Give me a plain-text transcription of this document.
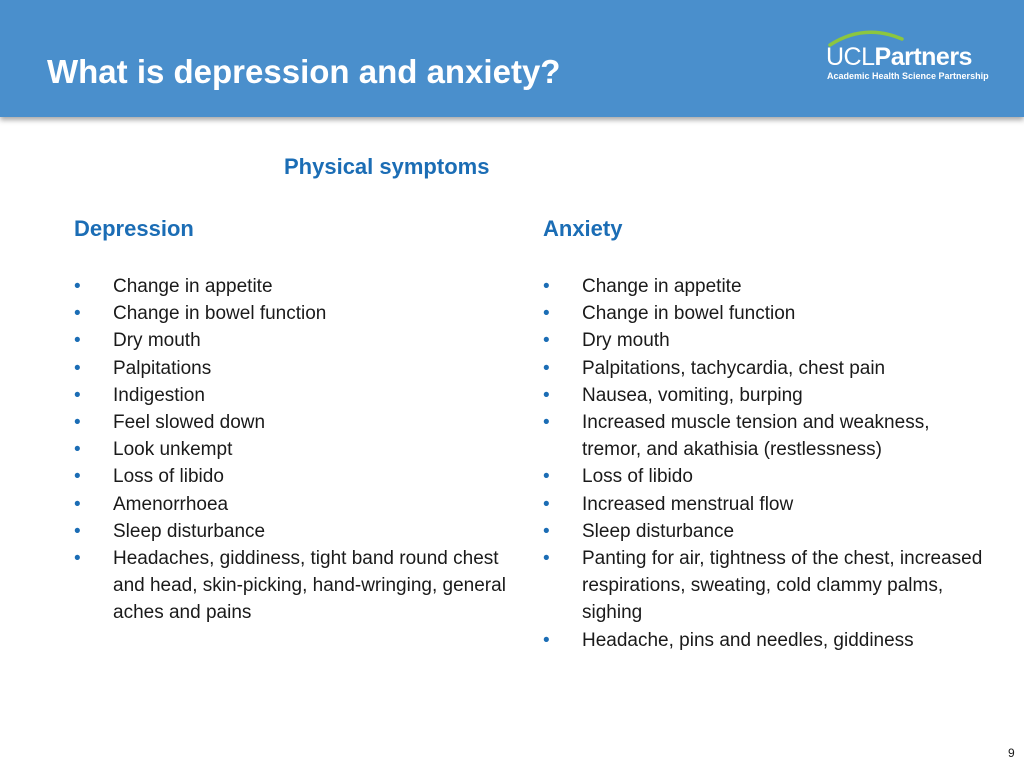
What is depression and anxiety?	UCLPartners
Academic Health Science Partnership
Physical symptoms
Depression
• Change in appetite
• Change in bowel function
• Dry mouth
• Palpitations
• Indigestion
• Feel slowed down
• Look unkempt
• Loss of libido
• Amenorrhoea
• Sleep disturbance
• Headaches, giddiness, tight band round chest and head, skin-picking, hand-wringing, general aches and pains
Anxiety
• Change in appetite
• Change in bowel function
• Dry mouth
• Palpitations, tachycardia, chest pain
• Nausea, vomiting, burping
• Increased muscle tension and weakness, tremor, and akathisia (restlessness)
• Loss of libido
• Increased menstrual flow
• Sleep disturbance
• Panting for air, tightness of the chest, increased respirations, sweating, cold clammy palms, sighing
• Headache, pins and needles, giddiness
9
